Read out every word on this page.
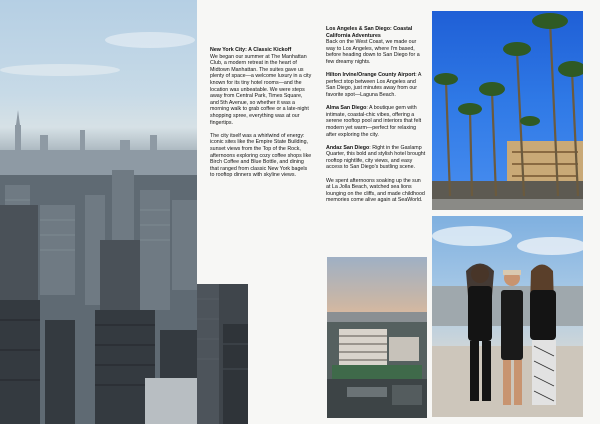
New York City: A Classic Kickoff
We began our summer at The Manhattan Club, a modern retreat in the heart of Midtown Manhattan. The suites gave us plenty of space—a welcome luxury in a city known for its tiny hotel rooms—and the location was unbeatable. We were steps away from Central Park, Times Square, and 5th Avenue, so whether it was a morning walk to grab coffee or a late-night shopping spree, everything was at our fingertips.

The city itself was a whirlwind of energy: iconic sites like the Empire State Building, sunset views from the Top of the Rock, afternoons exploring cozy coffee shops like Birch Coffee and Blue Bottle, and dining that ranged from classic New York bagels to rooftop dinners with skyline views.

Los Angeles & San Diego: Coastal California Adventures
Back on the West Coast, we made our way to Los Angeles, where I'm based, before heading down to San Diego for a few dreamy nights.

Hilton Irvine/Orange County Airport: A perfect stop between Los Angeles and San Diego, just minutes away from our favorite spot—Laguna Beach.

Alma San Diego: A boutique gem with intimate, coastal-chic vibes, offering a serene rooftop pool and interiors that felt modern yet warm—perfect for relaxing after exploring the city.

Andaz San Diego: Right in the Gaslamp Quarter, this bold and stylish hotel brought rooftop nightlife, city views, and easy access to San Diego's bustling scene.

We spent afternoons soaking up the sun at La Jolla Beach, watched sea lions lounging on the cliffs, and made childhood memories come alive again at SeaWorld.
